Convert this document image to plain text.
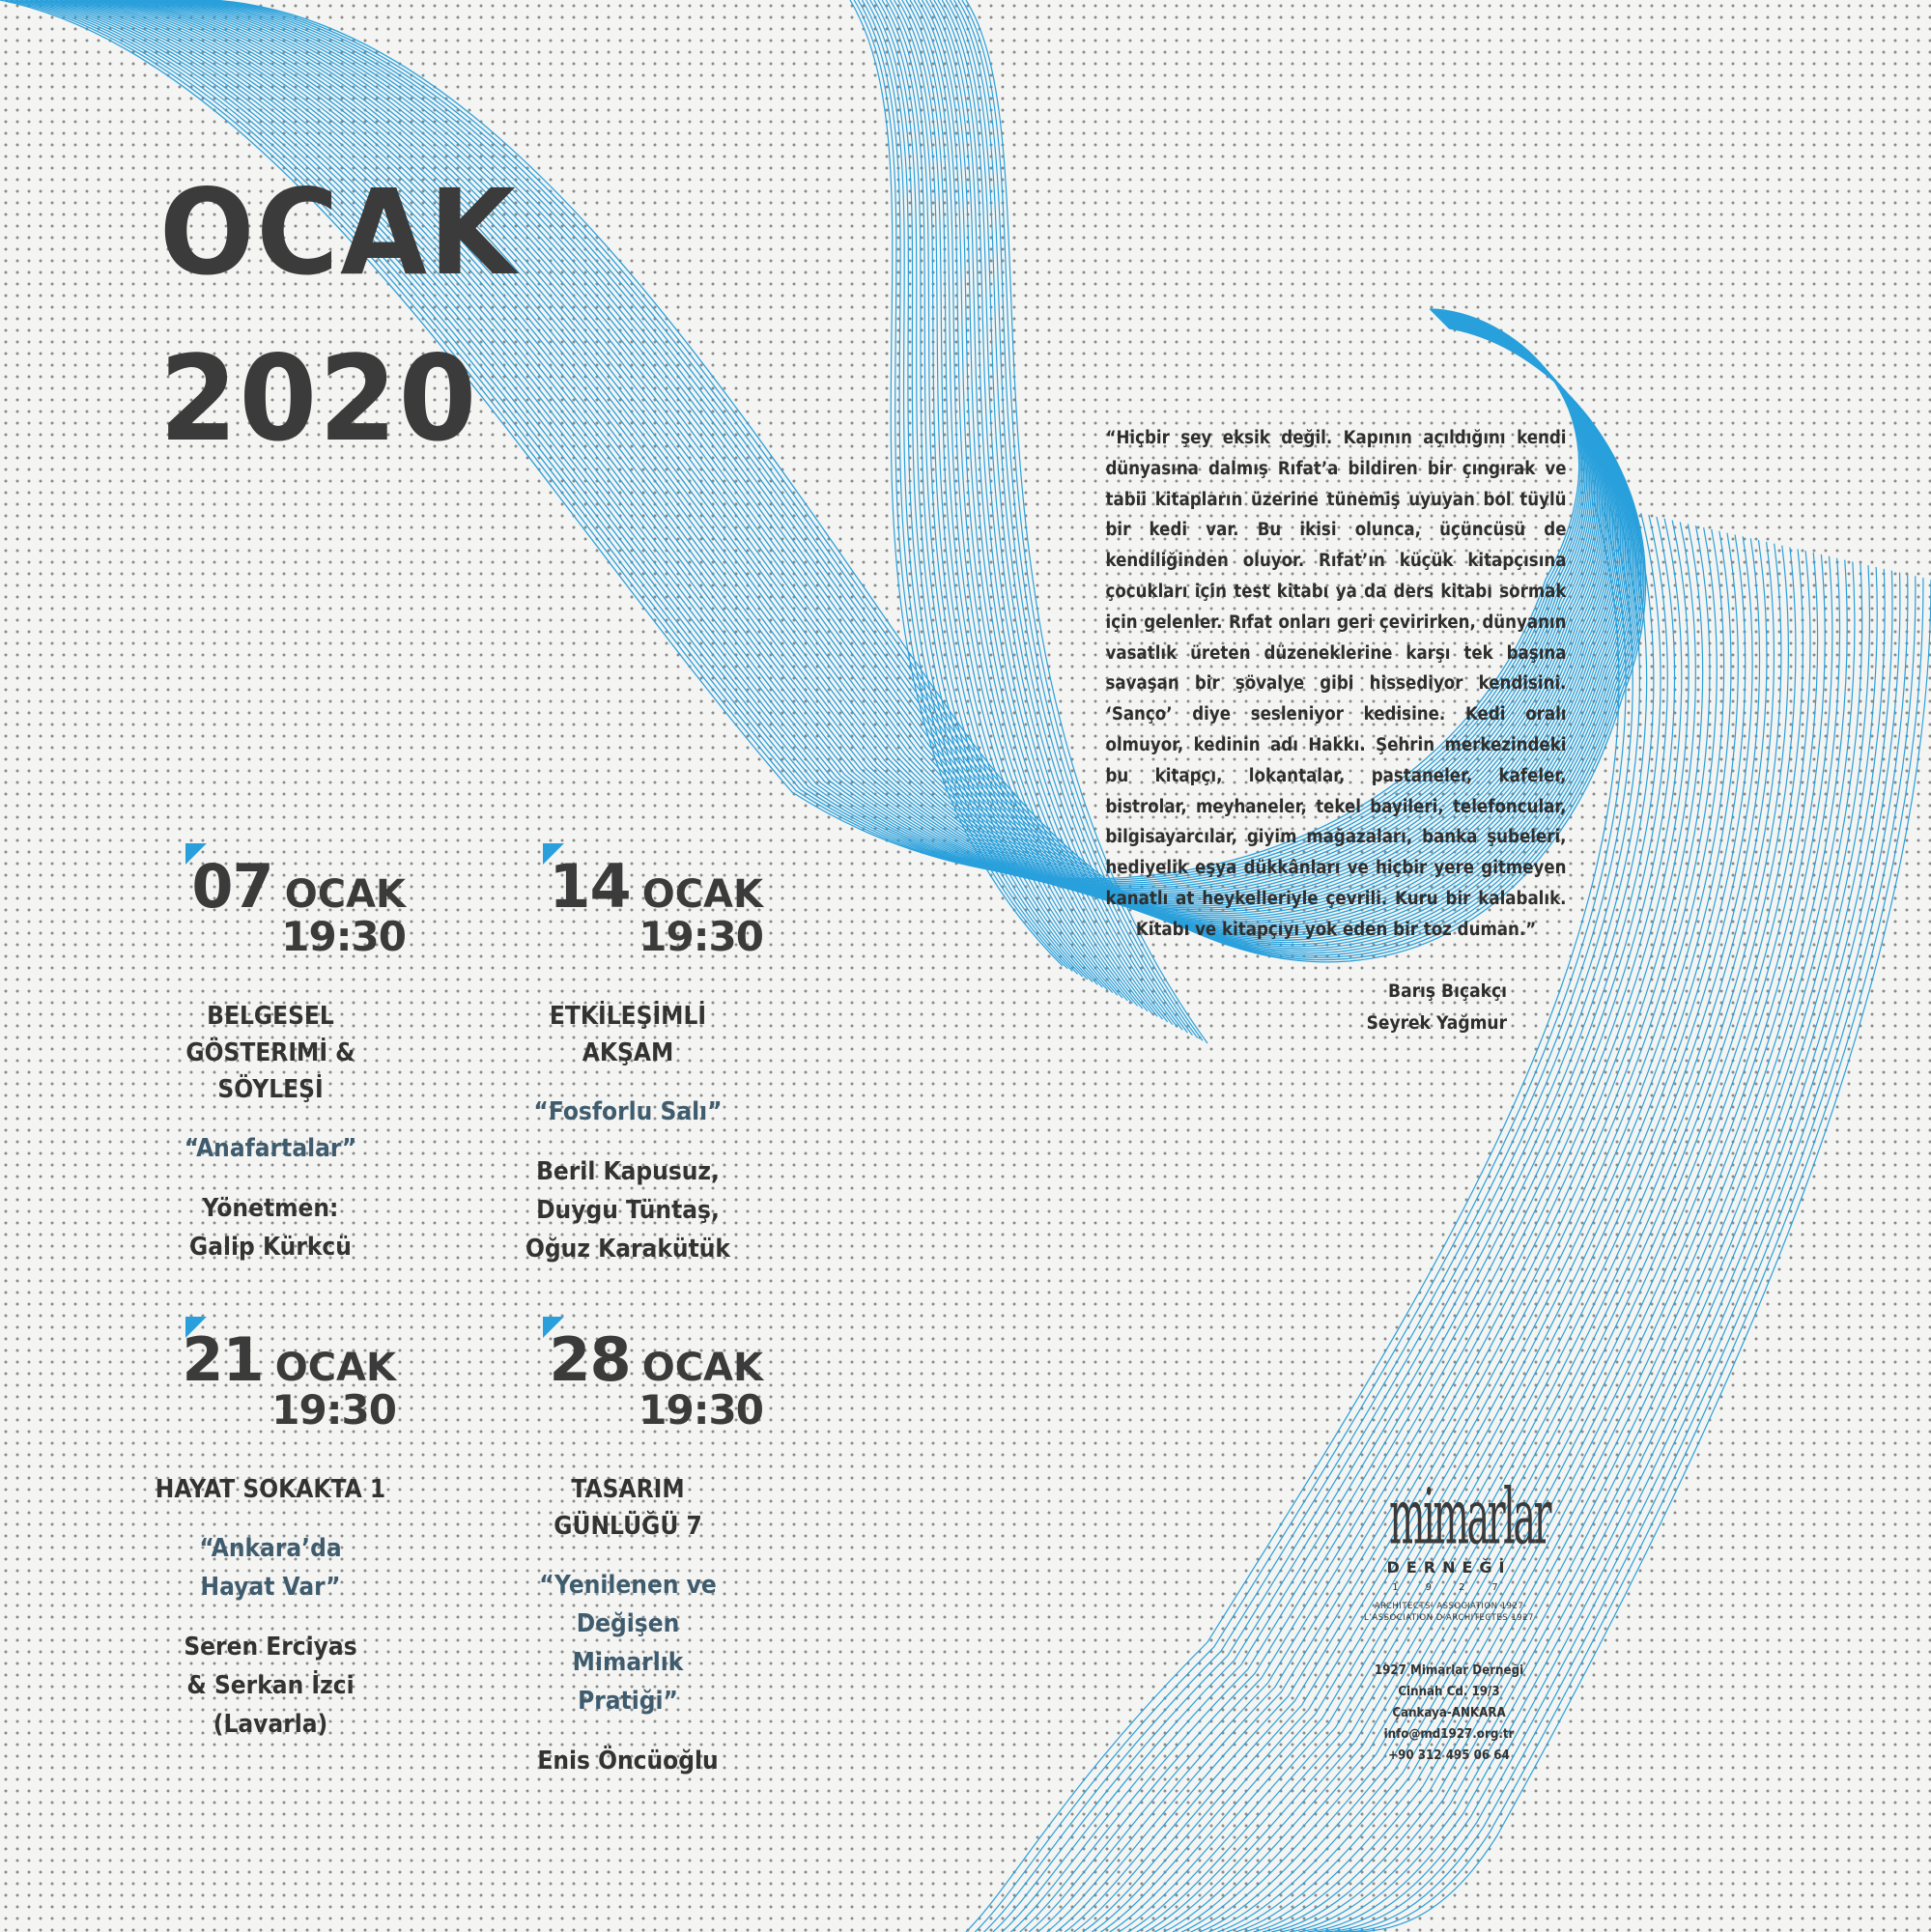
OCAK
2020
07 OCAK
19:30
BELGESEL GÖSTERIMİ & SÖYLEŞİ
“Anafartalar”
Yönetmen:
Galip Kürkcü
14 OCAK
19:30
ETKİLEŞİMLİ AKŞAM
“Fosforlu Salı”
Beril Kapusuz,
Duygu Tüntaş,
Oğuz Karakütük
21 OCAK
19:30
HAYAT SOKAKTA 1
“Ankara’da Hayat Var”
Seren Erciyas
& Serkan İzci
(Lavarla)
28 OCAK
19:30
TASARIM GÜNLÜĞÜ 7
“Yenilenen ve Değişen Mimarlık Pratiği”
Enis Öncüoğlu
“Hiçbir şey eksik değil. Kapının açıldığını kendi dünyasına dalmış Rıfat’a bildiren bir çıngırak ve tabii kitapların üzerine tünemiş uyuyan bol tüylü bir kedi var. Bu ikisi olunca, üçüncüsü de kendiliğinden oluyor. Rıfat’ın küçük kitapçısına çocukları için test kitabı ya da ders kitabı sormak için gelenler. Rıfat onları geri çevirirken, dünyanın vasatlık üreten düzeneklerine karşı tek başına savaşan bir şövalye gibi hissediyor kendisini. ‘Sanço’ diye sesleniyor kedisine. Kedi oralı olmuyor, kedinin adı Hakkı. Şehrin merkezindeki bu kitapçı, lokantalar, pastaneler, kafeler, bistrolar, meyhaneler, tekel bayileri, telefoncular, bilgisayarcılar, giyim mağazaları, banka şubeleri, hediyelik eşya dükkânları ve hiçbir yere gitmeyen kanatlı at heykelleriyle çevrili. Kuru bir kalabalık. Kitabı ve kitapçıyı yok eden bir toz duman.”
Barış Bıçakçı
Seyrek Yağmur
mimarlar
DERNEĞİ
1927
ARCHITECTS’ ASSOCIATION 1927
L’ASSOCIATION D’ARCHITECTES 1927
1927 Mimarlar Derneği
Cinnah Cd. 19/3
Çankaya-ANKARA
info@md1927.org.tr
+90 312 495 06 64
